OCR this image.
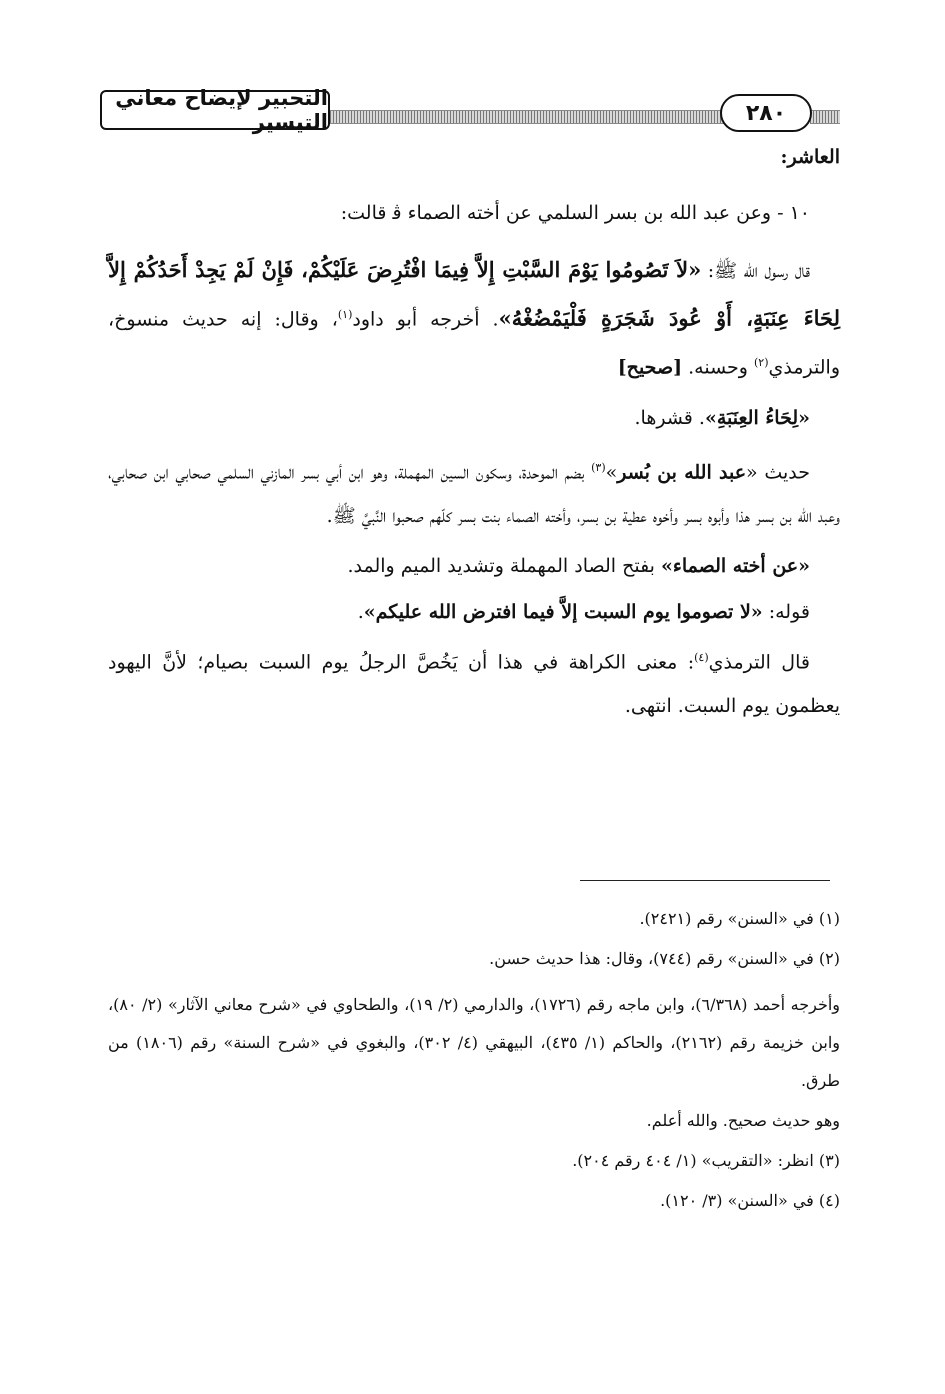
التحبير لإيضاح معاني التيسير	٢٨٠

العاشر:

١٠ - وعن عبد الله بن بسر السلمي عن أخته الصماء ﭬ قالت:

قال رسول الله ﷺ: «لاَ تَصُومُوا يَوْمَ السَّبْتِ إِلاَّ فِيمَا افْتُرِضَ عَلَيْكُمْ، فَإِنْ لَمْ يَجِدْ أَحَدُكُمْ إِلاَّ لِحَاءَ عِنَبَةٍ، أَوْ عُودَ شَجَرَةٍ فَلْيَمْضُغْهُ». أخرجه أبو داود$^{(١)}$، وقال: إنه حديث منسوخ، والترمذي$^{(٢)}$ وحسنه. [صحيح]

«لِحَاءُ العِنَبَةِ». قشرها.

حديث «عبد الله بن بُسر»$^{(٣)}$ بضم الموحدة، وسكون السين المهملة، وهو ابن أبي بسر المازني السلمي صحابي ابن صحابي، وعبد الله بن بسر هذا وأبوه بسر وأخوه عطية بن بسر، وأخته الصماء بنت بسر كلّهم صحبوا النَّبيَّ ﷺ.

«عن أخته الصماء» بفتح الصاد المهملة وتشديد الميم والمد.

قوله: «لا تصوموا يوم السبت إلاَّ فيما افترض الله عليكم».

قال الترمذي$^{(٤)}$: معنى الكراهة في هذا أن يَخُصَّ الرجلُ يوم السبت بصيام؛ لأنَّ اليهود يعظمون يوم السبت. انتهى.

(١) في «السنن» رقم (٢٤٢١).

(٢) في «السنن» رقم (٧٤٤)، وقال: هذا حديث حسن.

وأخرجه أحمد (٦/٣٦٨)، وابن ماجه رقم (١٧٢٦)، والدارمي (٢/ ١٩)، والطحاوي في «شرح معاني الآثار» (٢/ ٨٠)، وابن خزيمة رقم (٢١٦٢)، والحاكم (١/ ٤٣٥)، البيهقي (٤/ ٣٠٢)، والبغوي في «شرح السنة» رقم (١٨٠٦) من طرق.

وهو حديث صحيح. والله أعلم.

(٣) انظر: «التقريب» (١/ ٤٠٤ رقم ٢٠٤).

(٤) في «السنن» (٣/ ١٢٠).
